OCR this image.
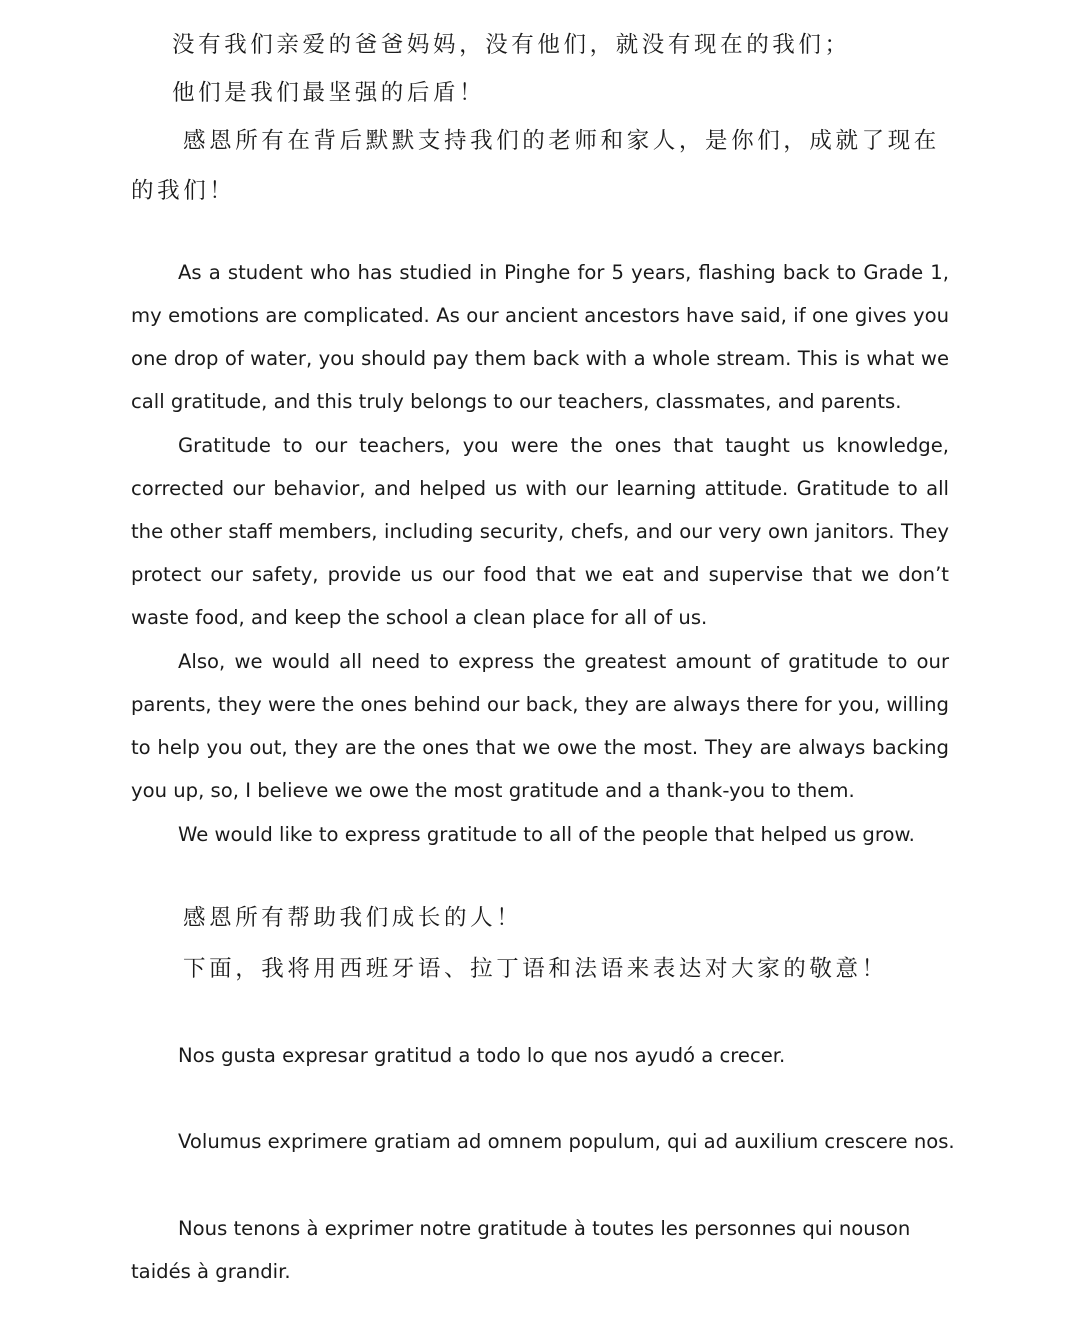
没有我们亲爱的爸爸妈妈，没有他们，就没有现在的我们；
他们是我们最坚强的后盾！
感恩所有在背后默默支持我们的老师和家人，是你们，成就了现在的我们！
As a student who has studied in Pinghe for 5 years, flashing back to Grade 1, my emotions are complicated. As our ancient ancestors have said, if one gives you one drop of water, you should pay them back with a whole stream. This is what we call gratitude, and this truly belongs to our teachers, classmates, and parents.
Gratitude to our teachers, you were the ones that taught us knowledge, corrected our behavior, and helped us with our learning attitude. Gratitude to all the other staff members, including security, chefs, and our very own janitors. They protect our safety, provide us our food that we eat and supervise that we don’t waste food, and keep the school a clean place for all of us.
Also, we would all need to express the greatest amount of gratitude to our parents, they were the ones behind our back, they are always there for you, willing to help you out, they are the ones that we owe the most. They are always backing you up, so, I believe we owe the most gratitude and a thank-you to them.
We would like to express gratitude to all of the people that helped us grow.
感恩所有帮助我们成长的人！
下面，我将用西班牙语、拉丁语和法语来表达对大家的敬意！
Nos gusta expresar gratitud a todo lo que nos ayudó a crecer.
Volumus exprimere gratiam ad omnem populum, qui ad auxilium crescere nos.
Nous tenons à exprimer notre gratitude à toutes les personnes qui nouson taidés à grandir.
